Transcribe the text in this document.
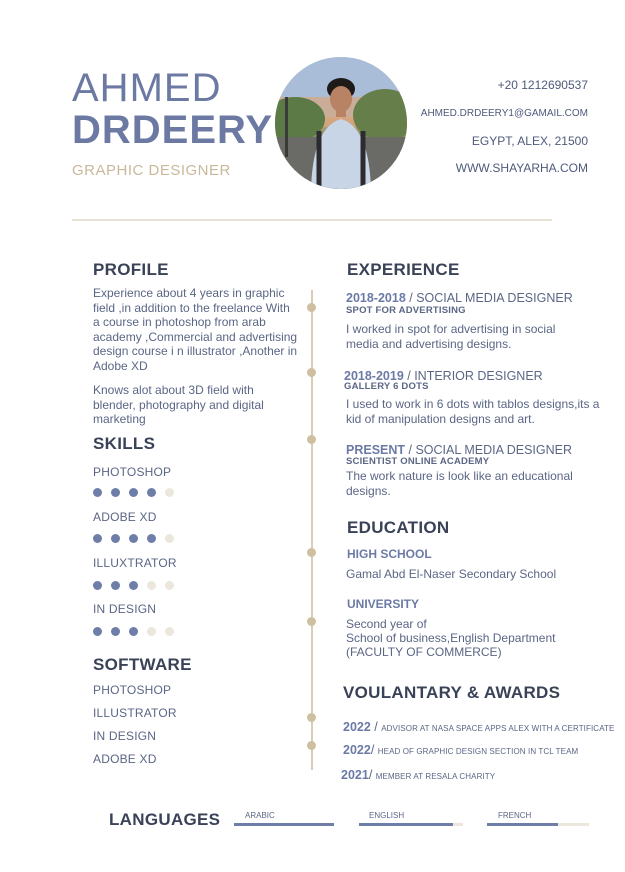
AHMED
DRDEERY
GRAPHIC DESIGNER
+20 1212690537
AHMED.DRDEERY1@GAMAIL.COM
EGYPT, ALEX, 21500
WWW.SHAYARHA.COM
PROFILE
Experience about 4 years in graphic field ,in addition to the freelance With a course in photoshop from arab academy ,Commercial and advertising design course i n illustrator ,Another in Adobe XD
Knows alot about 3D field with blender, photography and digital marketing
SKILLS
PHOTOSHOP
ADOBE XD
ILLUXTRATOR
IN DESIGN
SOFTWARE
PHOTOSHOP
ILLUSTRATOR
IN DESIGN
ADOBE XD
EXPERIENCE
2018-2018 / SOCIAL MEDIA DESIGNER
SPOT FOR ADVERTISING
I worked in spot for advertising in social media and advertising designs.
2018-2019 / INTERIOR DESIGNER
GALLERY 6 DOTS
I used to work in 6 dots with tablos designs,its a kid of manipulation designs and art.
PRESENT / SOCIAL MEDIA DESIGNER
SCIENTIST ONLINE ACADEMY
The work nature is look like an educational designs.
EDUCATION
HIGH SCHOOL
Gamal Abd El-Naser Secondary School
UNIVERSITY
Second year of
School of business,English Department
(FACULTY OF COMMERCE)
VOULANTARY & AWARDS
2022 / ADVISOR AT NASA SPACE APPS ALEX WITH A CERTIFICATE
2022/ HEAD OF GRAPHIC DESIGN SECTION IN TCL TEAM
2021/ MEMBER AT RESALA CHARITY
LANGUAGES	ARABIC	ENGLISH	FRENCH
